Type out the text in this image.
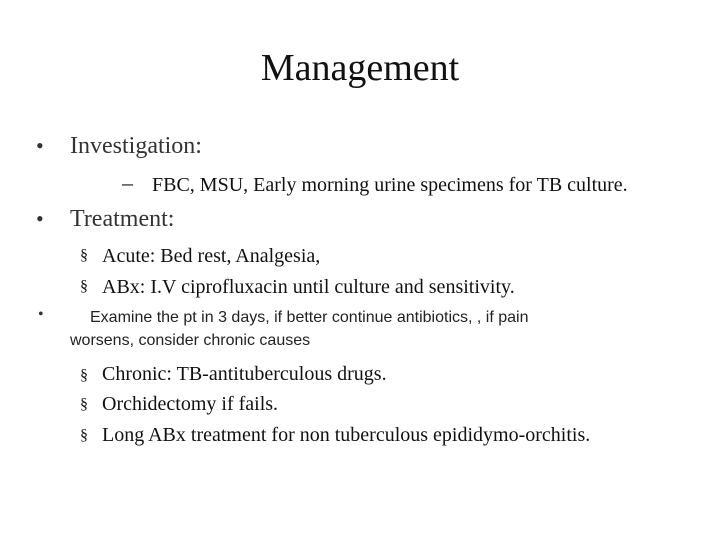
Management
• Investigation:
– FBC, MSU, Early morning urine specimens for TB culture.
• Treatment:
§ Acute: Bed rest, Analgesia,
§ ABx: I.V ciprofluxacin until culture and sensitivity.
•	Examine the pt in 3 days, if better continue antibiotics, , if pain
worsens, consider chronic causes
§ Chronic: TB-antituberculous drugs.
§ Orchidectomy if fails.
§ Long ABx treatment for non tuberculous epididymo-orchitis.
